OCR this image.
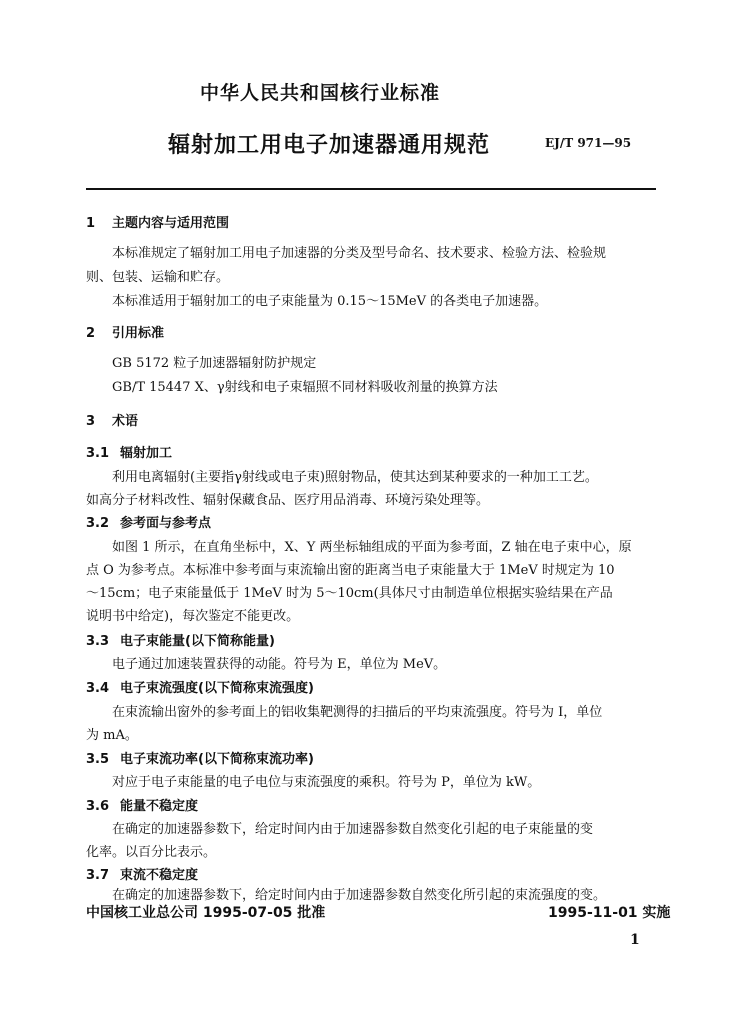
中华人民共和国核行业标准
辐射加工用电子加速器通用规范	EJ/T 971—95
1 主题内容与适用范围
本标准规定了辐射加工用电子加速器的分类及型号命名、技术要求、检验方法、检验规
则、包装、运输和贮存。
本标准适用于辐射加工的电子束能量为 0.15～15MeV 的各类电子加速器。
2 引用标准
GB 5172 粒子加速器辐射防护规定
GB/T 15447 X、γ射线和电子束辐照不同材料吸收剂量的换算方法
3 术语
3.1 辐射加工
利用电离辐射(主要指γ射线或电子束)照射物品，使其达到某种要求的一种加工工艺。
如高分子材料改性、辐射保藏食品、医疗用品消毒、环境污染处理等。
3.2 参考面与参考点
如图 1 所示，在直角坐标中，X、Y 两坐标轴组成的平面为参考面，Z 轴在电子束中心，原
点 O 为参考点。本标准中参考面与束流输出窗的距离当电子束能量大于 1MeV 时规定为 10
～15cm；电子束能量低于 1MeV 时为 5～10cm(具体尺寸由制造单位根据实验结果在产品
说明书中给定)，每次鉴定不能更改。
3.3 电子束能量(以下简称能量)
电子通过加速装置获得的动能。符号为 E，单位为 MeV。
3.4 电子束流强度(以下简称束流强度)
在束流输出窗外的参考面上的铝收集靶测得的扫描后的平均束流强度。符号为 I，单位
为 mA。
3.5 电子束流功率(以下简称束流功率)
对应于电子束能量的电子电位与束流强度的乘积。符号为 P，单位为 kW。
3.6 能量不稳定度
在确定的加速器参数下，给定时间内由于加速器参数自然变化引起的电子束能量的变
化率。以百分比表示。
3.7 束流不稳定度
在确定的加速器参数下，给定时间内由于加速器参数自然变化所引起的束流强度的变。
中国核工业总公司 1995-07-05 批准	1995-11-01 实施
1
